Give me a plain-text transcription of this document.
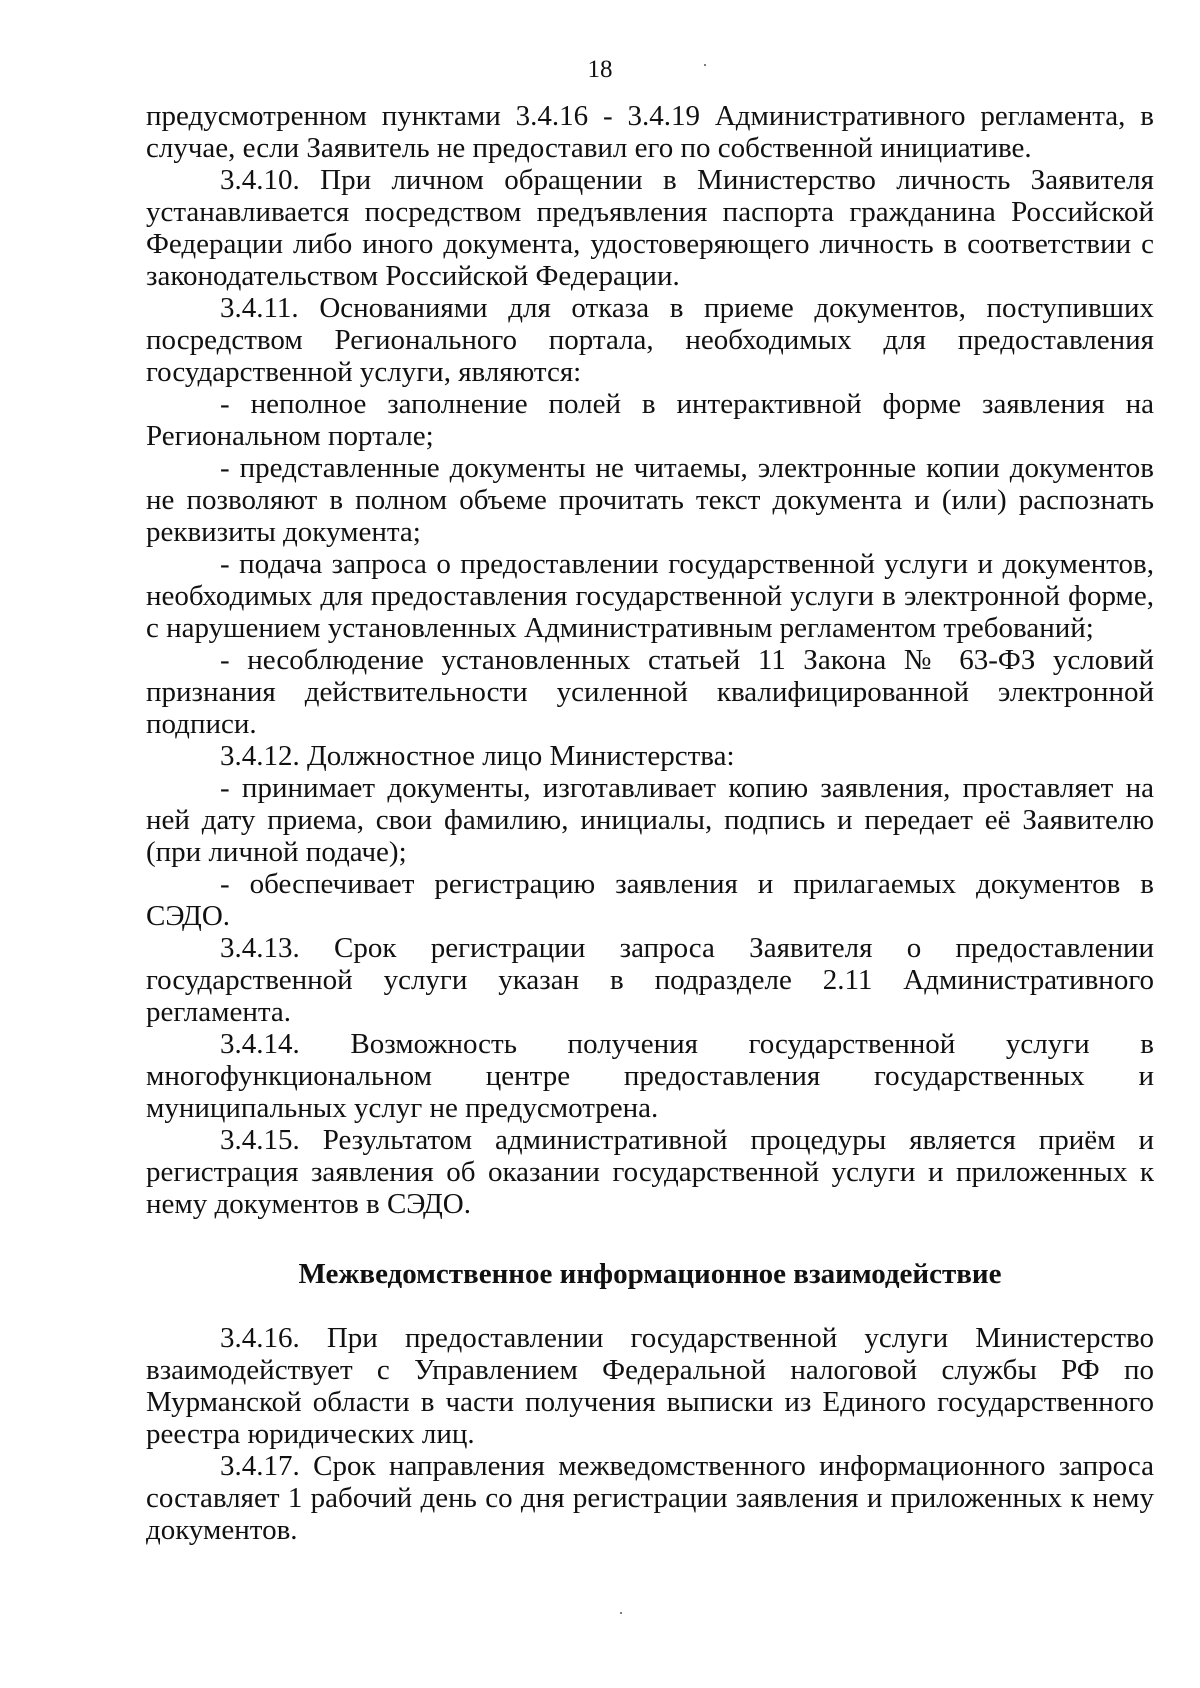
18

предусмотренном пунктами 3.4.16 - 3.4.19 Административного регламента, в случае, если Заявитель не предоставил его по собственной инициативе.

3.4.10. При личном обращении в Министерство личность Заявителя устанавливается посредством предъявления паспорта гражданина Российской Федерации либо иного документа, удостоверяющего личность в соответствии с законодательством Российской Федерации.

3.4.11. Основаниями для отказа в приеме документов, поступивших посредством Регионального портала, необходимых для предоставления государственной услуги, являются:

- неполное заполнение полей в интерактивной форме заявления на Региональном портале;

- представленные документы не читаемы, электронные копии документов не позволяют в полном объеме прочитать текст документа и (или) распознать реквизиты документа;

- подача запроса о предоставлении государственной услуги и документов, необходимых для предоставления государственной услуги в электронной форме, с нарушением установленных Административным регламентом требований;

- несоблюдение установленных статьей 11 Закона № 63-ФЗ условий признания действительности усиленной квалифицированной электронной подписи.

3.4.12. Должностное лицо Министерства:

- принимает документы, изготавливает копию заявления, проставляет на ней дату приема, свои фамилию, инициалы, подпись и передает её Заявителю (при личной подаче);

- обеспечивает регистрацию заявления и прилагаемых документов в СЭДО.

3.4.13. Срок регистрации запроса Заявителя о предоставлении государственной услуги указан в подразделе 2.11 Административного регламента.

3.4.14. Возможность получения государственной услуги в многофункциональном центре предоставления государственных и муниципальных услуг не предусмотрена.

3.4.15. Результатом административной процедуры является приём и регистрация заявления об оказании государственной услуги и приложенных к нему документов в СЭДО.

Межведомственное информационное взаимодействие

3.4.16. При предоставлении государственной услуги Министерство взаимодействует с Управлением Федеральной налоговой службы РФ по Мурманской области в части получения выписки из Единого государственного реестра юридических лиц.

3.4.17. Срок направления межведомственного информационного запроса составляет 1 рабочий день со дня регистрации заявления и приложенных к нему документов.
